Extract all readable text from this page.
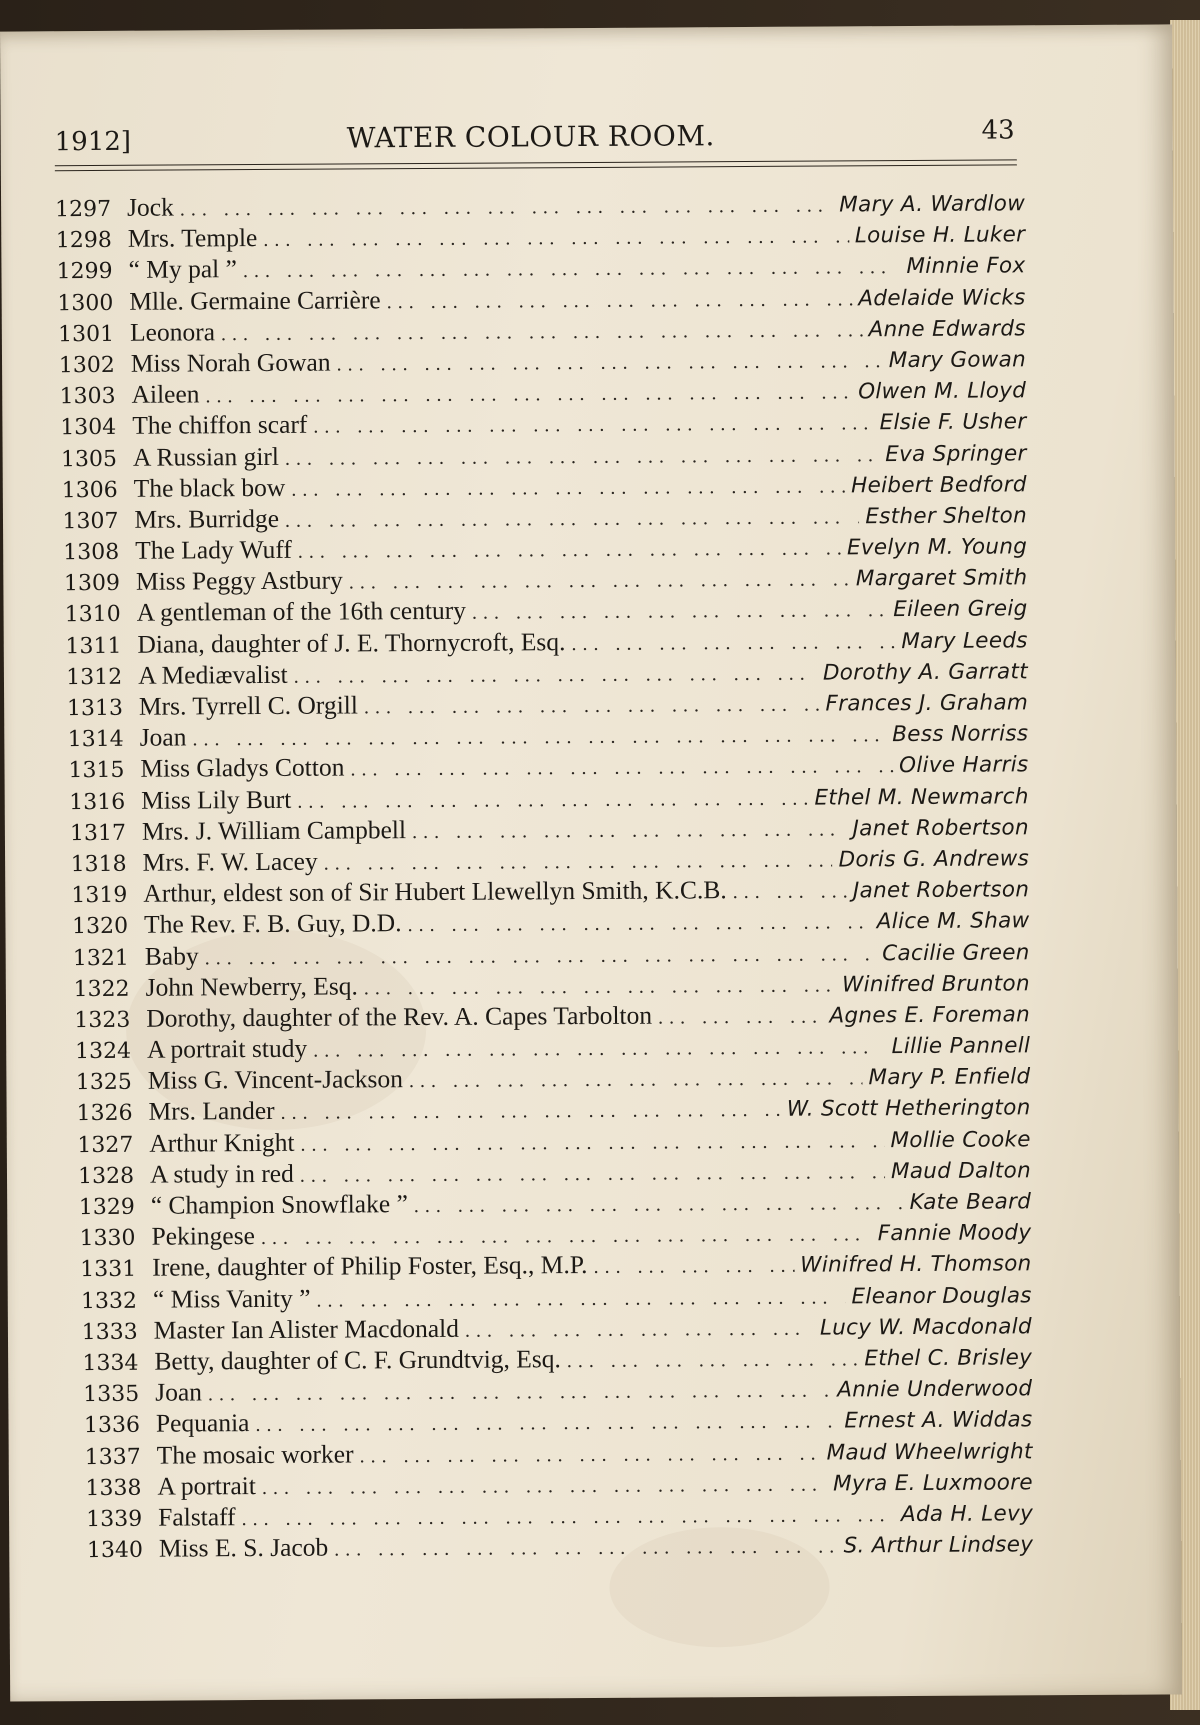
1912]	WATER COLOUR ROOM.	43
1297 Jock ... .	Mary A. Wardlow
1298 Mrs. Temple ... .	Louise H. Luker
1299 “ My pal ” ... .	Minnie Fox
1300 Mlle. Germaine Carrière ... .	Adelaide Wicks
1301 Leonora ... .	Anne Edwards
1302 Miss Norah Gowan ... .	Mary Gowan
1303 Aileen ... .	Olwen M. Lloyd
1304 The chiffon scarf ... .	Elsie F. Usher
1305 A Russian girl ... .	Eva Springer
1306 The black bow ... .	Heibert Bedford
1307 Mrs. Burridge ... .	Esther Shelton
1308 The Lady Wuff ... .	Evelyn M. Young
1309 Miss Peggy Astbury ... .	Margaret Smith
1310 A gentleman of the 16th century ... .	Eileen Greig
1311 Diana, daughter of J. E. Thornycroft, Esq. ... .	Mary Leeds
1312 A Mediævalist ... .	Dorothy A. Garratt
1313 Mrs. Tyrrell C. Orgill ... .	Frances J. Graham
1314 Joan ... .	Bess Norriss
1315 Miss Gladys Cotton ... .	Olive Harris
1316 Miss Lily Burt ... .	Ethel M. Newmarch
1317 Mrs. J. William Campbell ... .	Janet Robertson
1318 Mrs. F. W. Lacey ... .	Doris G. Andrews
1319 Arthur, eldest son of Sir Hubert Llewellyn Smith, K.C.B. ... .	Janet Robertson
1320 The Rev. F. B. Guy, D.D. ... .	Alice M. Shaw
1321 Baby ... .	Cacilie Green
1322 John Newberry, Esq. ... .	Winifred Brunton
1323 Dorothy, daughter of the Rev. A. Capes Tarbolton ... .	Agnes E. Foreman
1324 A portrait study ... .	Lillie Pannell
1325 Miss G. Vincent-Jackson ... .	Mary P. Enfield
1326 Mrs. Lander ... .	W. Scott Hetherington
1327 Arthur Knight ... .	Mollie Cooke
1328 A study in red ... .	Maud Dalton
1329 “ Champion Snowflake ” ... .	Kate Beard
1330 Pekingese ... .	Fannie Moody
1331 Irene, daughter of Philip Foster, Esq., M.P. ... .	Winifred H. Thomson
1332 “ Miss Vanity ” ... .	Eleanor Douglas
1333 Master Ian Alister Macdonald ... .	Lucy W. Macdonald
1334 Betty, daughter of C. F. Grundtvig, Esq. ... .	Ethel C. Brisley
1335 Joan ... .	Annie Underwood
1336 Pequania ... .	Ernest A. Widdas
1337 The mosaic worker ... .	Maud Wheelwright
1338 A portrait ... .	Myra E. Luxmoore
1339 Falstaff ... .	Ada H. Levy
1340 Miss E. S. Jacob ... .	S. Arthur Lindsey
